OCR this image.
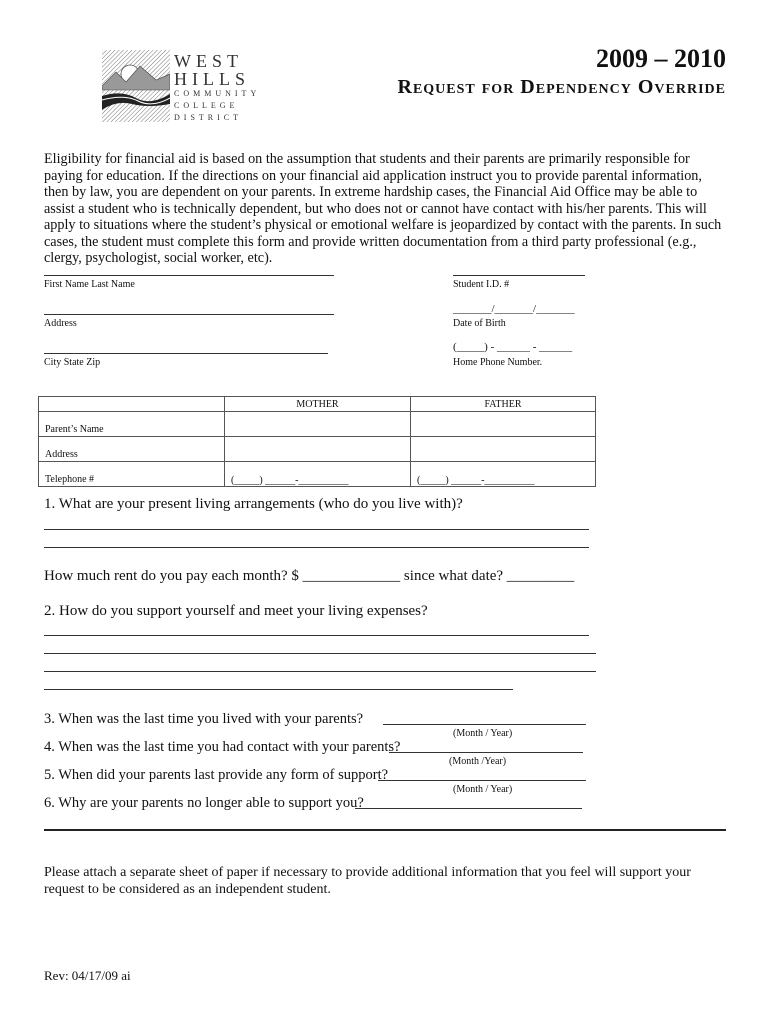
WEST
HILLS
COMMUNITY
COLLEGE
DISTRICT
2009 – 2010
Request for Dependency Override
Eligibility for financial aid is based on the assumption that students and their parents are primarily responsible for paying for education. If the directions on your financial aid application instruct you to provide parental information, then by law, you are dependent on your parents. In extreme hardship cases, the Financial Aid Office may be able to assist a student who is technically dependent, but who does not or cannot have contact with his/her parents. This will apply to situations where the student’s physical or emotional welfare is jeopardized by contact with the parents. In such cases, the student must complete this form and provide written documentation from a third party professional (e.g., clergy, psychologist, social worker, etc).
First Name Last Name	Student I.D. #
Address
_______/_______/_______
Date of Birth
City State Zip
(_____) - ______ - ______
Home Phone Number.
	MOTHER	FATHER
Parent’s Name		
Address		
Telephone #	(_____) ______-__________	(_____) ______-__________
1. What are your present living arrangements (who do you live with)?
How much rent do you pay each month? $ _____________ since what date? _________
2. How do you support yourself and meet your living expenses?
3. When was the last time you lived with your parents?
(Month / Year)
4. When was the last time you had contact with your parents?
(Month /Year)
5. When did your parents last provide any form of support?
(Month / Year)
6. Why are your parents no longer able to support you?
Please attach a separate sheet of paper if necessary to provide additional information that you feel will support your request to be considered as an independent student.
Rev: 04/17/09 ai
